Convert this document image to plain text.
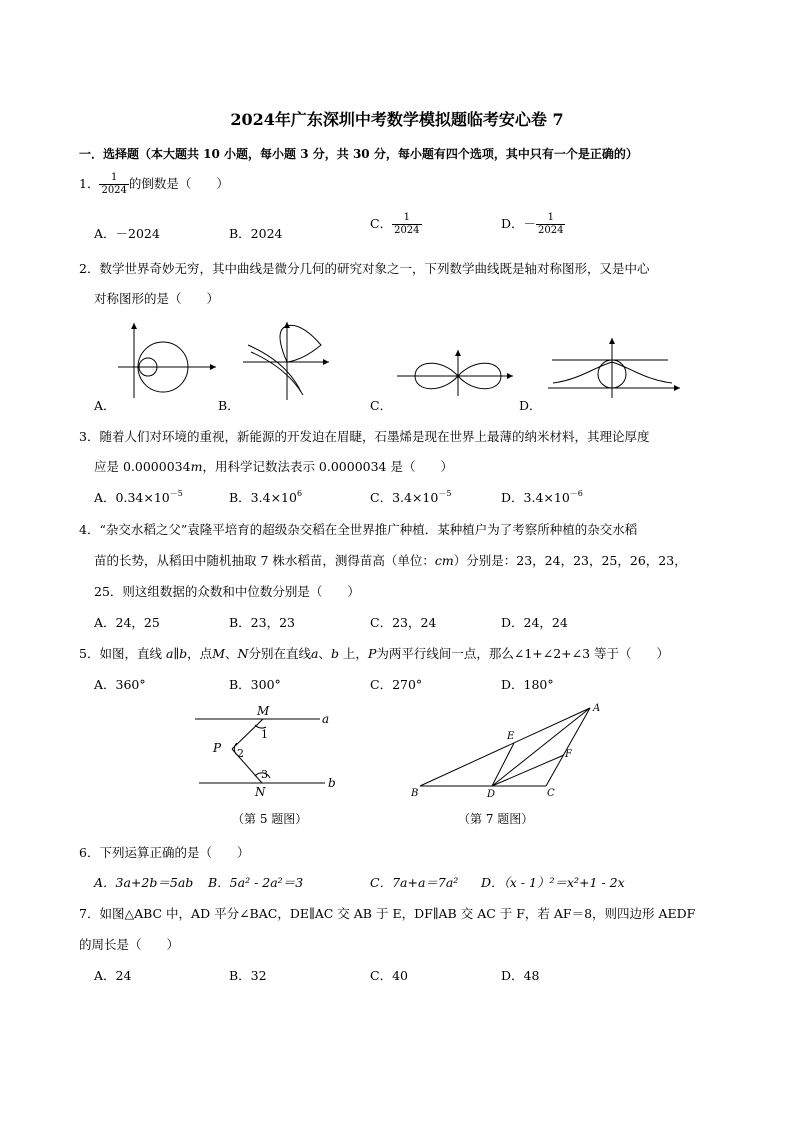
2024年广东深圳中考数学模拟题临考安心卷 7
一．选择题（本大题共 10 小题，每小题 3 分，共 30 分，每小题有四个选项，其中只有一个是正确的）
1． $\frac{1}{2024}$ 的倒数是（　　）
A．－2024	B．2024
C． $\frac{1}{2024}$	D．－ $\frac{1}{2024}$
2．数学世界奇妙无穷，其中曲线是微分几何的研究对象之一，下列数学曲线既是轴对称图形，又是中心
对称图形的是（　　）
A．	B．	C．	D．
3．随着人们对环境的重视，新能源的开发迫在眉睫，石墨烯是现在世界上最薄的纳米材料，其理论厚度
应是 0.0000034m，用科学记数法表示 0.0000034 是（　　）
A．$0.34\times 10^{-5}$	B．$3.4\times 10^6$	C．$3.4\times 10^{-5}$	D．$3.4\times 10^{-6}$
4．“杂交水稻之父”袁隆平培育的超级杂交稻在全世界推广种植．某种植户为了考察所种植的杂交水稻
苗的长势，从稻田中随机抽取 7 株水稻苗，测得苗高（单位：cm）分别是：23，24，23，25，26，23，
25．则这组数据的众数和中位数分别是（　　）
A．24，25	B．23，23	C．23，24	D．24，24
5．如图，直线 a∥b，点M、N分别在直线a、b 上，P为两平行线间一点，那么∠1+∠2+∠3 等于（　　）
A．360°	B．300°	C．270°	D．180°
M
a
P
1
2
3
N
b
（第 5 题图）
A
E
F
B	D	C
（第 7 题图）
6．下列运算正确的是（　　）
A．3a+2b＝5ab B．5a² - 2a²＝3	C．7a+a＝7a² D．（x - 1）²＝x²+1 - 2x
7．如图△ABC 中，AD 平分∠BAC，DE∥AC 交 AB 于 E，DF∥AB 交 AC 于 F，若 AF＝8，则四边形 AEDF
的周长是（　　）
A．24	B．32	C．40	D．48
